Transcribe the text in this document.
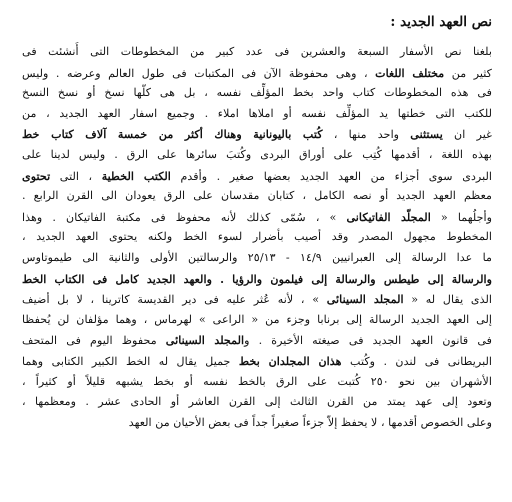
نص العهد الجديد :
بلغنا نص الأسفار السبعة والعشرين فى عدد كبير من المخطوطات التى أُنشئت فى
كثير من مختلف اللغات ، وهى محفوظة الآن فى المكتبات فى طول العالم وعرضه . وليس
فى هذه المخطوطات كتاب واحد بخط المؤلِّف نفسه ، بل هى كلّها نسخ أو نسخ النسخ
للكتب التى خطتها يد المؤلِّف نفسه أو املاها املاء . وجميع اسفار العهد الجديد ، من
غير ان يستثنى واحد منها ، كُتب باليونانية وهناك أكثر من خمسة آلاف كتاب خط
بهذه اللغة ، أقدمها كُتِب على أوراق البردى وكُتبَ سائرها على الرق . وليس لدينا على
البردى سوى أجزاء من العهد الجديد بعضها صغير . وأقدم الكتب الخطية ، التى تحتوى
معظم العهد الجديد أو نصه الكامل ، كتابان مقدسان على الرق يعودان الى القرن الرابع .
وأجلُهما « المجلّد الفاتيكانى » ، سُمّى كذلك لأنه محفوظ فى مكتبة الفاتيكان . وهذا
المخطوط مجهول المصدر وقد أصيب بأضرار لسوء الخط ولكنه يحتوى العهد الجديد ،
ما عدا الرسالة إلى العبرانيين ١٤/٩ - ٢٥/١٣ والرسالتين الأولى والثانية الى طيموتاوس
والرسالة إلى طيطس والرسالة إلى فيلمون والرؤيا . والعهد الجديد كامل فى الكتاب الخط
الذى يقال له « المجلد السينائى » ، لأنه عُثر عليه فى دير القديسة كاترينا ، لا بل أضيف
إلى العهد الجديد الرسالة إلى برنابا وجزء من « الراعى » لهرماس ، وهما مؤلفان لن يُحفظا
فى قانون العهد الجديد فى صيغته الأخيرة . والمجلد السينائى محفوظ اليوم فى المتحف
البريطانى فى لندن . وكُتب هذان المجلدان بخط جميل يقال له الخط الكبير الكتابى وهما
الأشهران بين نحو ٢٥٠ كُتبت على الرق بالخط نفسه أو بخط يشبهه قليلاً أو كثيراً ،
وتعود إلى عهد يمتد من القرن الثالث إلى القرن العاشر أو الحادى عشر . ومعظمها ،
وعلى الخصوص أقدمها ، لا يحفظ إلاّ جزءاً صغيراً جداً فى بعض الأحيان من العهد
